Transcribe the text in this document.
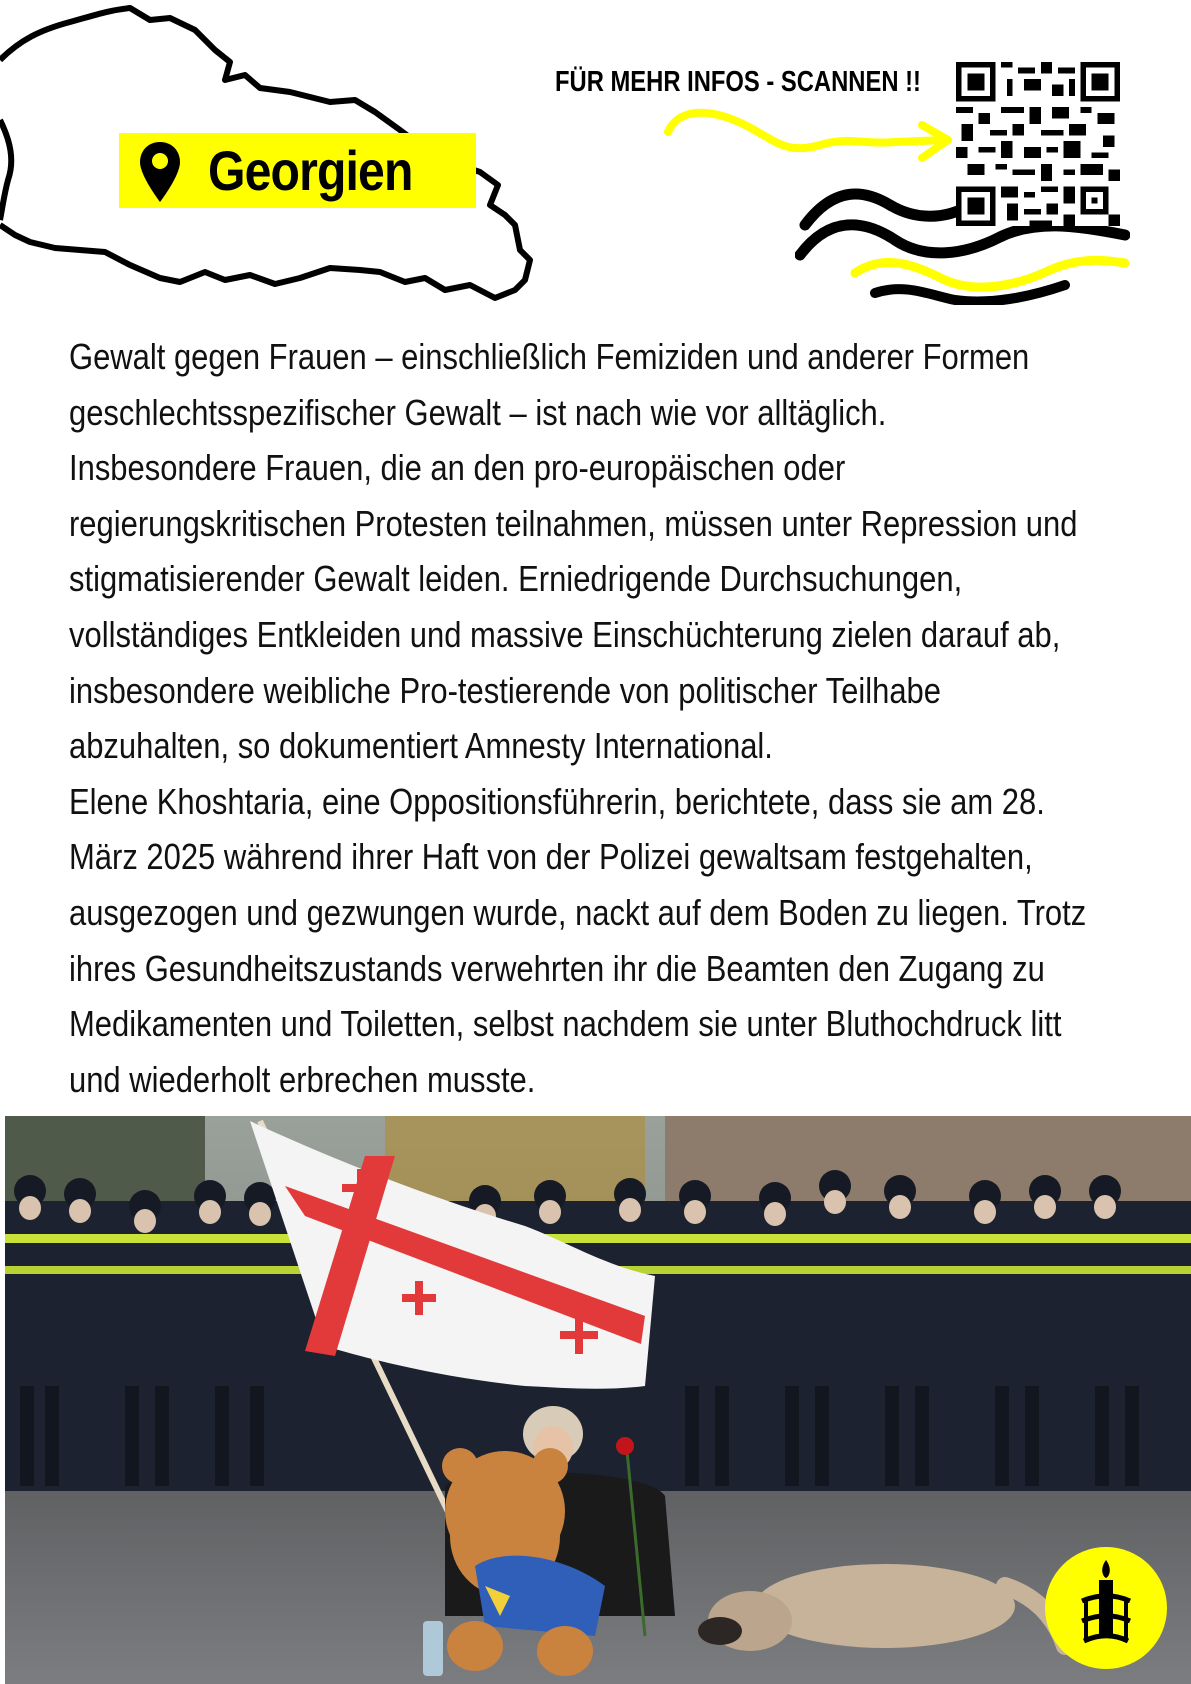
Georgien
FÜR MEHR INFOS - SCANNEN !!

Gewalt gegen Frauen – einschließlich Femiziden und anderer Formen

geschlechtsspezifischer Gewalt – ist nach wie vor alltäglich.

Insbesondere Frauen, die an den pro-europäischen oder

regierungskritischen Protesten teilnahmen, müssen unter Repression und

stigmatisierender Gewalt leiden. Erniedrigende Durchsuchungen,

vollständiges Entkleiden und massive Einschüchterung zielen darauf ab,

insbesondere weibliche Pro-testierende von politischer Teilhabe

abzuhalten, so dokumentiert Amnesty International.

Elene Khoshtaria, eine Oppositionsführerin, berichtete, dass sie am 28.

März 2025 während ihrer Haft von der Polizei gewaltsam festgehalten,

ausgezogen und gezwungen wurde, nackt auf dem Boden zu liegen. Trotz

ihres Gesundheitszustands verwehrten ihr die Beamten den Zugang zu

Medikamenten und Toiletten, selbst nachdem sie unter Bluthochdruck litt

und wiederholt erbrechen musste.
